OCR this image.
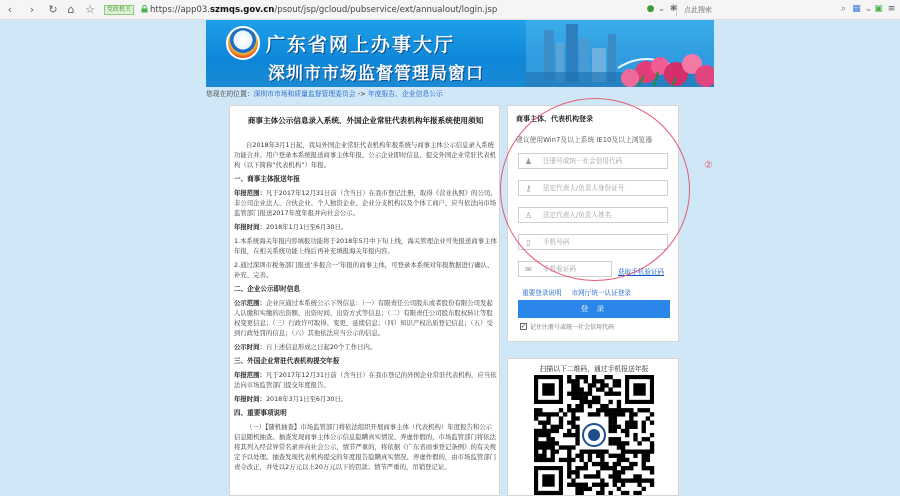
‹	›	↻ ⌂ ☆	党政机关	https://app03.szmqs.gov.cn/psout/jsp/gcloud/pubservice/ext/annualout/login.jsp	● ⌄ ✱ 点此搜索	⌕ ▦ ⌄ ▣ ≡
广东省网上办事大厅
深圳市市场监督管理局窗口
您现在的位置：深圳市市场和质量监督管理委员会 -> 年度报告、企业信息公示
商事主体公示信息录入系统、外国企业常驻代表机构年报系统使用须知

自2018年3月1日起，我局外国企业常驻代表机构年报系统与商事主体公示信息录入系统功能合并。用户登录本系统报送商事主体年报、公示企业即时信息、提交外国企业常驻代表机构（以下简称“代表机构”）年报。

一、商事主体报送年报

年报范围：凡于2017年12月31日前（含当日）在我市登记注册，取得《营业执照》的公司、非公司企业法人、合伙企业、个人独资企业、企业分支机构以及个体工商户，应当依法向市场监管部门报送2017年度年报并向社会公示。

年报时间：2018年1月1日至6月30日。

1.本系统海关年报内容填报功能将于2018年5月中下旬上线，海关管理企业可先报送商事主体年报，在相关系统功能上线后再补充填报海关年报内容。

2.通过深圳市税务部门报送‘多报合一’年报的商事主体，可登录本系统对年报数据进行确认、补充、完善。

二、企业公示即时信息

公示范围：企业应通过本系统公示下列信息：（一）有限责任公司股东或者股份有限公司发起人认缴和实缴的出资额、出资时间、出资方式等信息；（二）有限责任公司股东股权转让等股权变更信息；（三）行政许可取得、变更、延续信息；（四）知识产权出质登记信息；（五）受到行政处罚的信息；（六）其他依法应当公示的信息。

公示时间：自上述信息形成之日起20个工作日内。

三、外国企业常驻代表机构提交年报

年报范围：凡于2017年12月31日前（含当日）在我市登记的外国企业常驻代表机构，应当依法向市场监管部门提交年度报告。

年报时间：2018年3月1日至6月30日。

四、重要事项说明

（一）【随机抽查】市场监管部门将依法组织开展商事主体（代表机构）年度报告和公示信息随机抽查。抽查发现商事主体公示信息隐瞒真实情况、弄虚作假的，市场监管部门将依法将其列入经营异常名录并向社会公示，情节严重的，将依据《广东省商事登记条例》的有关规定予以处理。抽查发现代表机构提交的年度报告隐瞒真实情况、弄虚作假的，由市场监管部门责令改正，并处以2万元以上20万元以下的罚款；情节严重的，吊销登记证。

商事主体、代表机构登录
建议使用Win7及以上系统 IE10及以上浏览器
♟ 注册号或统一社会信用代码
⚷ 法定代表人/负责人身份证号
♙ 法定代表人/负责人姓名
▯	手机号码
✉ 手机验证码	获取手机验证码
重要登录说明 市网厅统一认证登录
登 录
✓ 记住注册号或统一社会信用代码
②
扫描以下二维码，通过手机报送年报
